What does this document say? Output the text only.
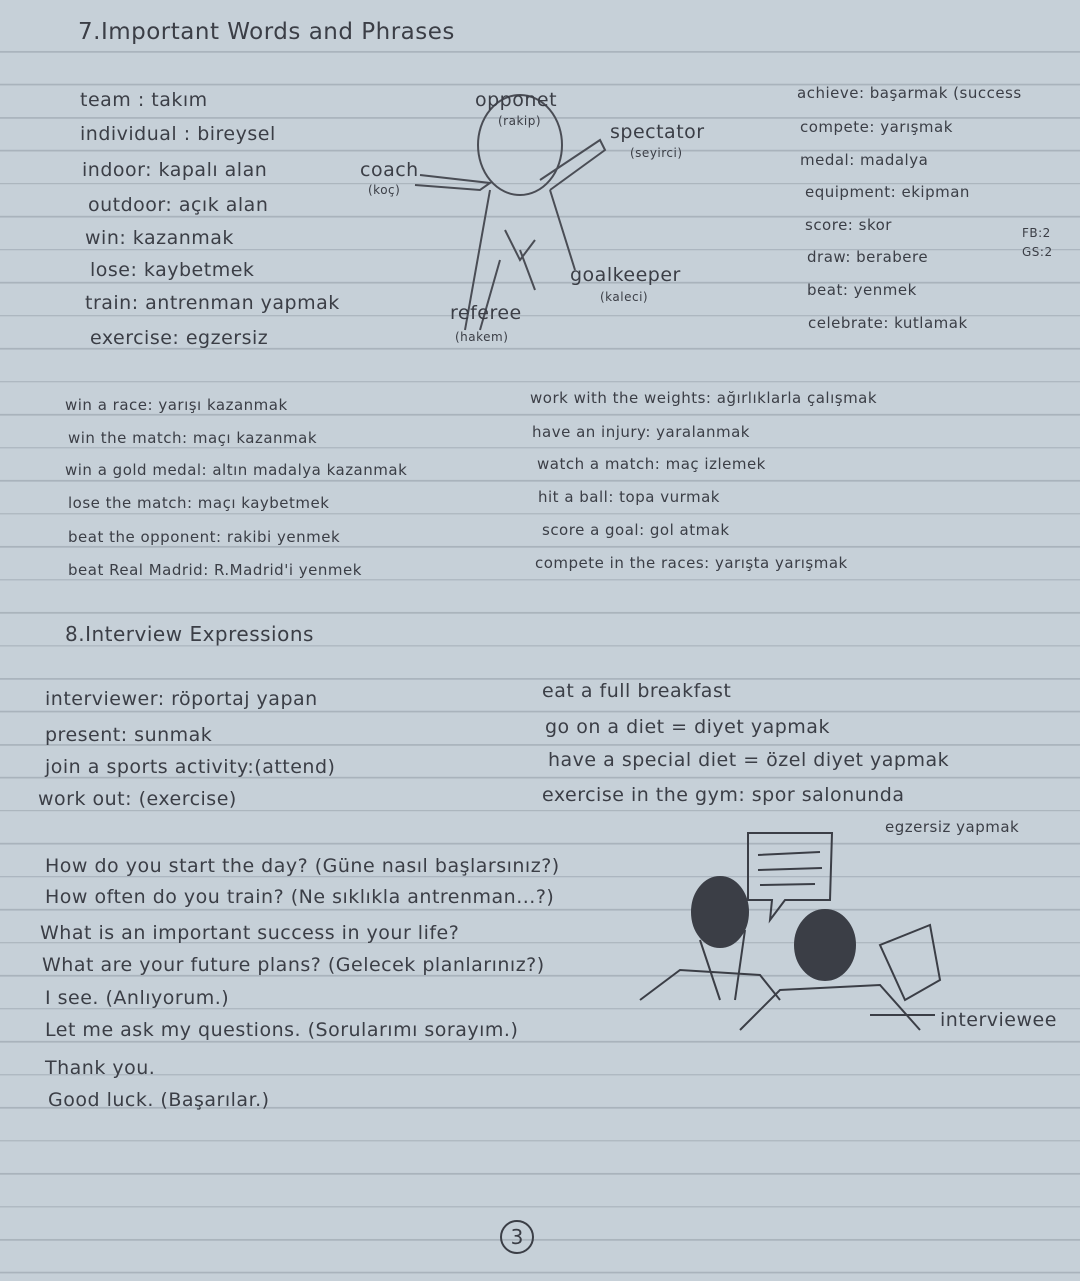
7.Important Words and Phrases
team : takım
individual : bireysel
indoor: kapalı alan
outdoor: açık alan
win: kazanmak
lose: kaybetmek
train: antrenman yapmak
exercise: egzersiz
achieve: başarmak (success
compete: yarışmak
medal: madalya
equipment: ekipman
score: skor
draw: berabere
beat: yenmek
celebrate: kutlamak
FB:2
GS:2
opponet
(rakip)	spectator
(seyirci)
coach
(koç)
goalkeeper
(kaleci)
referee
(hakem)
win a race: yarışı kazanmak
win the match: maçı kazanmak
win a gold medal: altın madalya kazanmak
lose the match: maçı kaybetmek
beat the opponent: rakibi yenmek
beat Real Madrid: R.Madrid'i yenmek
work with the weights: ağırlıklarla çalışmak
have an injury: yaralanmak
watch a match: maç izlemek
hit a ball: topa vurmak
score a goal: gol atmak
compete in the races: yarışta yarışmak
8.Interview Expressions
interviewer: röportaj yapan
present: sunmak
join a sports activity:(attend)
work out: (exercise)
eat a full breakfast
go on a diet = diyet yapmak
have a special diet = özel diyet yapmak
exercise in the gym: spor salonunda
egzersiz yapmak
How do you start the day? (Güne nasıl başlarsınız?)
How often do you train? (Ne sıklıkla antrenman...?)
What is an important success in your life?
What are your future plans? (Gelecek planlarınız?)
I see. (Anlıyorum.)
Let me ask my questions. (Sorularımı sorayım.)
Thank you.
Good luck. (Başarılar.)
interviewee
3
